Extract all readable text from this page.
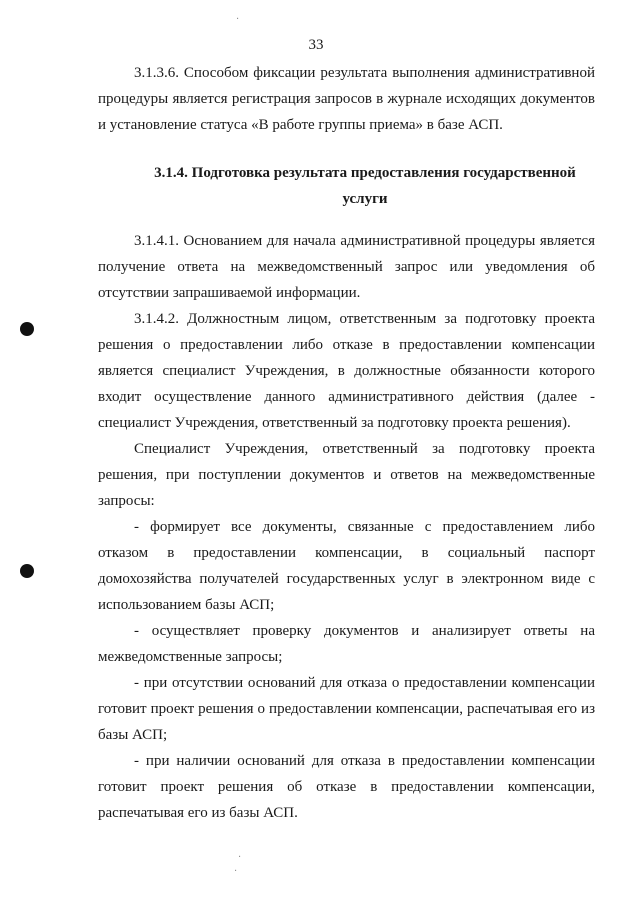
33

3.1.3.6. Способом фиксации результата выполнения административной процедуры является регистрация запросов в журнале исходящих документов и установление статуса «В работе группы приема» в базе АСП.

3.1.4. Подготовка результата предоставления государственной услуги

3.1.4.1. Основанием для начала административной процедуры является получение ответа на межведомственный запрос или уведомления об отсутствии запрашиваемой информации.

3.1.4.2. Должностным лицом, ответственным за подготовку проекта решения о предоставлении либо отказе в предоставлении компенсации является специалист Учреждения, в должностные обязанности которого входит осуществление данного административного действия (далее - специалист Учреждения, ответственный за подготовку проекта решения).

Специалист Учреждения, ответственный за подготовку проекта решения, при поступлении документов и ответов на межведомственные запросы:

- формирует все документы, связанные с предоставлением либо отказом в предоставлении компенсации, в социальный паспорт домохозяйства получателей государственных услуг в электронном виде с использованием базы АСП;

- осуществляет проверку документов и анализирует ответы на межведомственные запросы;

- при отсутствии оснований для отказа о предоставлении компенсации готовит проект решения о предоставлении компенсации, распечатывая его из базы АСП;

- при наличии оснований для отказа в предоставлении компенсации готовит проект решения об отказе в предоставлении компенсации, распечатывая его из базы АСП.

·
·
·
